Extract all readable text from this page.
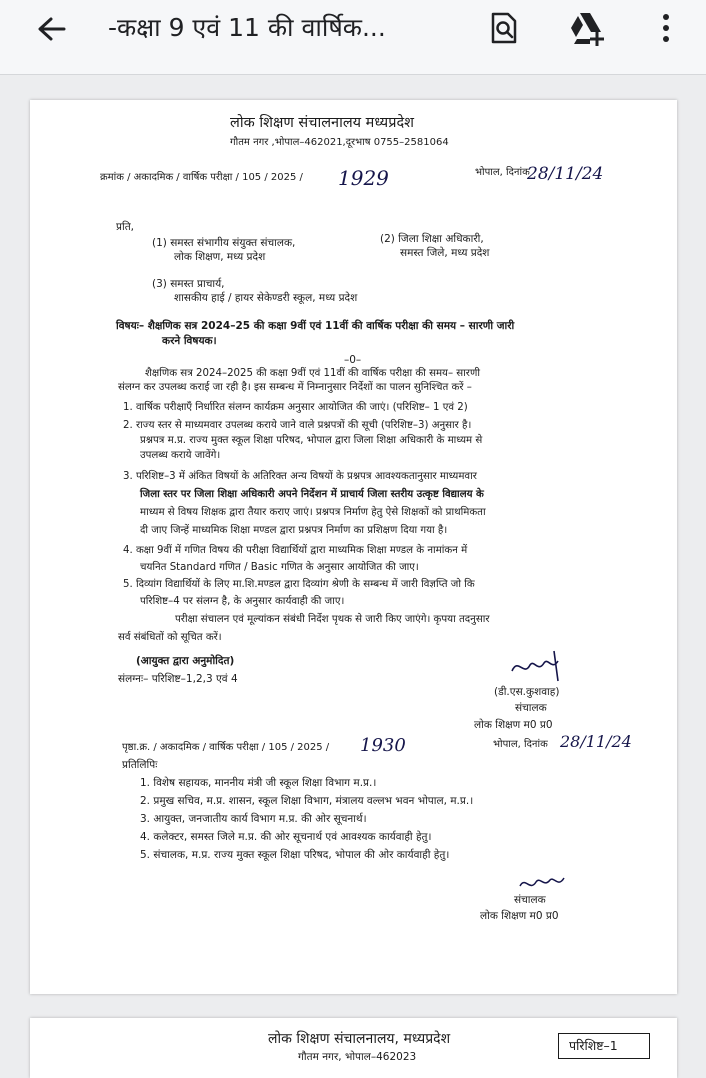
-कक्षा 9 एवं 11 की वार्षिक...
लोक शिक्षण संचालनालय मध्यप्रदेश
गौतम नगर ,भोपाल–462021,दूरभाष 0755–2581064
क्रमांक / अकादमिक / वार्षिक परीक्षा / 105 / 2025 / 1929	भोपाल, दिनांक
28/11/24
प्रति,
(1) समस्त संभागीय संयुक्त संचालक,
लोक शिक्षण, मध्य प्रदेश
(2) जिला शिक्षा अधिकारी,
समस्त जिले, मध्य प्रदेश
(3) समस्त प्राचार्य,
शासकीय हाई / हायर सेकेण्डरी स्कूल, मध्य प्रदेश
विषयः– शैक्षणिक सत्र 2024–25 की कक्षा 9वीं एवं 11वीं की वार्षिक परीक्षा की समय – सारणी जारी
करने विषयक।
–0–
शैक्षणिक सत्र 2024–2025 की कक्षा 9वीं एवं 11वीं की वार्षिक परीक्षा की समय– सारणी
संलग्न कर उपलब्ध कराई जा रही है। इस सम्बन्ध में निम्नानुसार निर्देशों का पालन सुनिश्चित करें –
1. वार्षिक परीक्षाएँ निर्धारित संलग्न कार्यक्रम अनुसार आयोजित की जाएं। (परिशिष्ट– 1 एवं 2)
2. राज्य स्तर से माध्यमवार उपलब्ध कराये जाने वाले प्रश्नपत्रों की सूची (परिशिष्ट–3) अनुसार है।
प्रश्नपत्र म.प्र. राज्य मुक्त स्कूल शिक्षा परिषद, भोपाल द्वारा जिला शिक्षा अधिकारी के माध्यम से
उपलब्ध कराये जावेंगे।
3. परिशिष्ट–3 में अंकित विषयों के अतिरिक्त अन्य विषयों के प्रश्नपत्र आवश्यकतानुसार माध्यमवार
जिला स्तर पर जिला शिक्षा अधिकारी अपने निर्देशन में प्राचार्य जिला स्तरीय उत्कृष्ट विद्यालय के
माध्यम से विषय शिक्षक द्वारा तैयार कराए जाएं। प्रश्नपत्र निर्माण हेतु ऐसे शिक्षकों को प्राथमिकता
दी जाए जिन्हें माध्यमिक शिक्षा मण्डल द्वारा प्रश्नपत्र निर्माण का प्रशिक्षण दिया गया है।
4. कक्षा 9वीं में गणित विषय की परीक्षा विद्यार्थियों द्वारा माध्यमिक शिक्षा मण्डल के नामांकन में
चयनित Standard गणित / Basic गणित के अनुसार आयोजित की जाए।
5. दिव्यांग विद्यार्थियों के लिए मा.शि.मण्डल द्वारा दिव्यांग श्रेणी के सम्बन्ध में जारी विज्ञप्ति जो कि
परिशिष्ट–4 पर संलग्न है, के अनुसार कार्यवाही की जाए।
परीक्षा संचालन एवं मूल्यांकन संबंधी निर्देश पृथक से जारी किए जाएंगे। कृपया तदनुसार
सर्व संबंधितों को सूचित करें।
(आयुक्त द्वारा अनुमोदित)
संलग्नः– परिशिष्ट–1,2,3 एवं 4
(डी.एस.कुशवाह)
संचालक
लोक शिक्षण म0 प्र0
पृष्ठा.क्र. / अकादमिक / वार्षिक परीक्षा / 105 / 2025 / 1930	भोपाल, दिनांक 28/11/24
प्रतिलिपिः
1. विशेष सहायक, माननीय मंत्री जी स्कूल शिक्षा विभाग म.प्र.।
2. प्रमुख सचिव, म.प्र. शासन, स्कूल शिक्षा विभाग, मंत्रालय वल्लभ भवन भोपाल, म.प्र.।
3. आयुक्त, जनजातीय कार्य विभाग म.प्र. की ओर सूचनार्थ।
4. कलेक्टर, समस्त जिले म.प्र. की ओर सूचनार्थ एवं आवश्यक कार्यवाही हेतु।
5. संचालक, म.प्र. राज्य मुक्त स्कूल शिक्षा परिषद, भोपाल की ओर कार्यवाही हेतु।
संचालक
लोक शिक्षण म0 प्र0
लोक शिक्षण संचालनालय, मध्यप्रदेश
गौतम नगर, भोपाल–462023
परिशिष्ट–1
